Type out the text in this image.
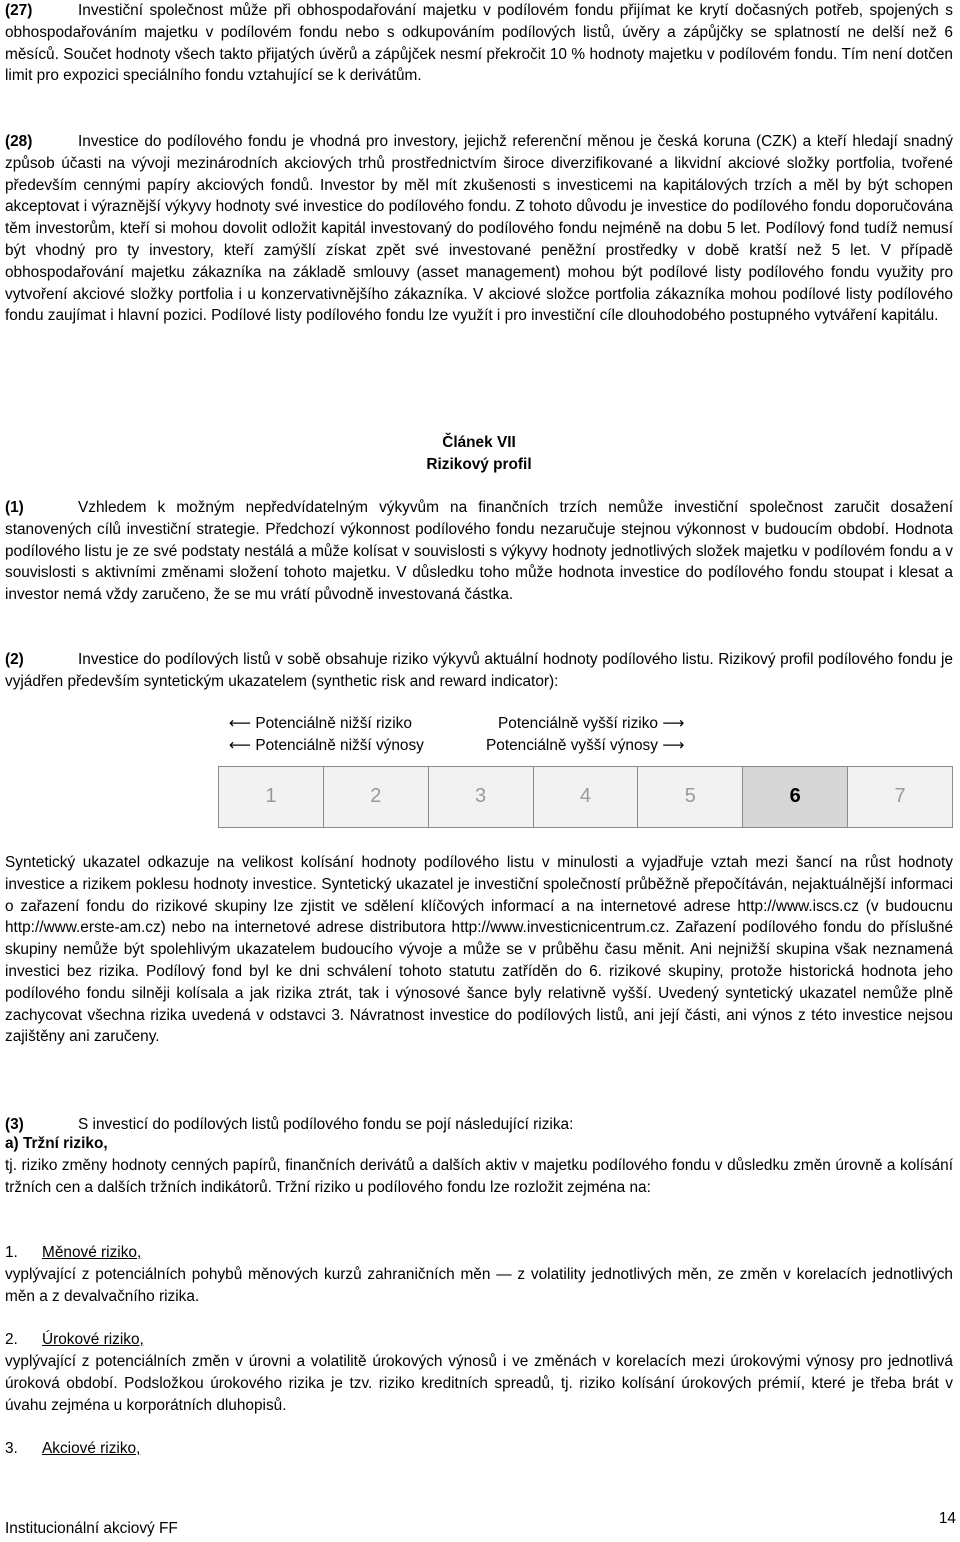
(27)	Investiční společnost může při obhospodařování majetku v podílovém fondu přijímat ke krytí dočasných potřeb, spojených s obhospodařováním majetku v podílovém fondu nebo s odkupováním podílových listů, úvěry a zápůjčky se splatností ne delší než 6 měsíců. Součet hodnoty všech takto přijatých úvěrů a zápůjček nesmí překročit 10 % hodnoty majetku v podílovém fondu. Tím není dotčen limit pro expozici speciálního fondu vztahující se k derivátům.

(28)	Investice do podílového fondu je vhodná pro investory, jejichž referenční měnou je česká koruna (CZK) a kteří hledají snadný způsob účasti na vývoji mezinárodních akciových trhů prostřednictvím široce diverzifikované a likvidní akciové složky portfolia, tvořené především cennými papíry akciových fondů. Investor by měl mít zkušenosti s investicemi na kapitálových trzích a měl by být schopen akceptovat i výraznější výkyvy hodnoty své investice do podílového fondu. Z tohoto důvodu je investice do podílového fondu doporučována těm investorům, kteří si mohou dovolit odložit kapitál investovaný do podílového fondu nejméně na dobu 5 let. Podílový fond tudíž nemusí být vhodný pro ty investory, kteří zamýšlí získat zpět své investované peněžní prostředky v době kratší než 5 let. V případě obhospodařování majetku zákazníka na základě smlouvy (asset management) mohou být podílové listy podílového fondu využity pro vytvoření akciové složky portfolia i u konzervativnějšího zákazníka. V akciové složce portfolia zákazníka mohou podílové listy podílového fondu zaujímat i hlavní pozici. Podílové listy podílového fondu lze využít i pro investiční cíle dlouhodobého postupného vytváření kapitálu.

Článek VII
Rizikový profil

(1)	Vzhledem k možným nepředvídatelným výkyvům na finančních trzích nemůže investiční společnost zaručit dosažení stanovených cílů investiční strategie. Předchozí výkonnost podílového fondu nezaručuje stejnou výkonnost v budoucím období. Hodnota podílového listu je ze své podstaty nestálá a může kolísat v souvislosti s výkyvy hodnoty jednotlivých složek majetku v podílovém fondu a v souvislosti s aktivními změnami složení tohoto majetku. V důsledku toho může hodnota investice do podílového fondu stoupat i klesat a investor nemá vždy zaručeno, že se mu vrátí původně investovaná částka.

(2)	Investice do podílových listů v sobě obsahuje riziko výkyvů aktuální hodnoty podílového listu. Rizikový profil podílového fondu je vyjádřen především syntetickým ukazatelem (synthetic risk and reward indicator):

⟵ Potenciálně nižší riziko	Potenciálně vyšší riziko ⟶
⟵ Potenciálně nižší výnosy	Potenciálně vyšší výnosy ⟶
1	2	3	4	5	6	7

Syntetický ukazatel odkazuje na velikost kolísání hodnoty podílového listu v minulosti a vyjadřuje vztah mezi šancí na růst hodnoty investice a rizikem poklesu hodnoty investice. Syntetický ukazatel je investiční společností průběžně přepočítáván, nejaktuálnější informaci o zařazení fondu do rizikové skupiny lze zjistit ve sdělení klíčových informací a na internetové adrese http://www.iscs.cz (v budoucnu http://www.erste-am.cz) nebo na internetové adrese distributora http://www.investicnicentrum.cz. Zařazení podílového fondu do příslušné skupiny nemůže být spolehlivým ukazatelem budoucího vývoje a může se v průběhu času měnit. Ani nejnižší skupina však neznamená investici bez rizika. Podílový fond byl ke dni schválení tohoto statutu zatříděn do 6. rizikové skupiny, protože historická hodnota jeho podílového fondu silněji kolísala a jak rizika ztrát, tak i výnosové šance byly relativně vyšší. Uvedený syntetický ukazatel nemůže plně zachycovat všechna rizika uvedená v odstavci 3. Návratnost investice do podílových listů, ani její části, ani výnos z této investice nejsou zajištěny ani zaručeny.

(3)	S investicí do podílových listů podílového fondu se pojí následující rizika:

a) Tržní riziko,

tj. riziko změny hodnoty cenných papírů, finančních derivátů a dalších aktiv v majetku podílového fondu v důsledku změn úrovně a kolísání tržních cen a dalších tržních indikátorů. Tržní riziko u podílového fondu lze rozložit zejména na:

1. Měnové riziko,

vyplývající z potenciálních pohybů měnových kurzů zahraničních měn — z volatility jednotlivých měn, ze změn v korelacích jednotlivých měn a z devalvačního rizika.

2. Úrokové riziko,

vyplývající z potenciálních změn v úrovni a volatilitě úrokových výnosů i ve změnách v korelacích mezi úrokovými výnosy pro jednotlivá úroková období. Podsložkou úrokového rizika je tzv. riziko kreditních spreadů, tj. riziko kolísání úrokových prémií, které je třeba brát v úvahu zejména u korporátních dluhopisů.

3. Akciové riziko,
Institucionální akciový FF
14
